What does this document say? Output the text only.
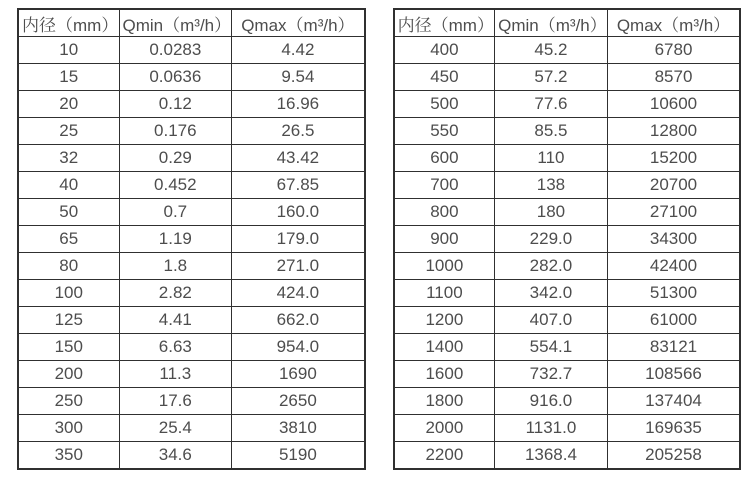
内径（mm）	Qmin（m³/h）	Qmax（m³/h）
10	0.0283	4.42
15	0.0636	9.54
20	0.12	16.96
25	0.176	26.5
32	0.29	43.42
40	0.452	67.85
50	0.7	160.0
65	1.19	179.0
80	1.8	271.0
100	2.82	424.0
125	4.41	662.0
150	6.63	954.0
200	11.3	1690
250	17.6	2650
300	25.4	3810
350	34.6	5190
内径（mm）	Qmin（m³/h）	Qmax（m³/h）
400	45.2	6780
450	57.2	8570
500	77.6	10600
550	85.5	12800
600	110	15200
700	138	20700
800	180	27100
900	229.0	34300
1000	282.0	42400
1100	342.0	51300
1200	407.0	61000
1400	554.1	83121
1600	732.7	108566
1800	916.0	137404
2000	1131.0	169635
2200	1368.4	205258
